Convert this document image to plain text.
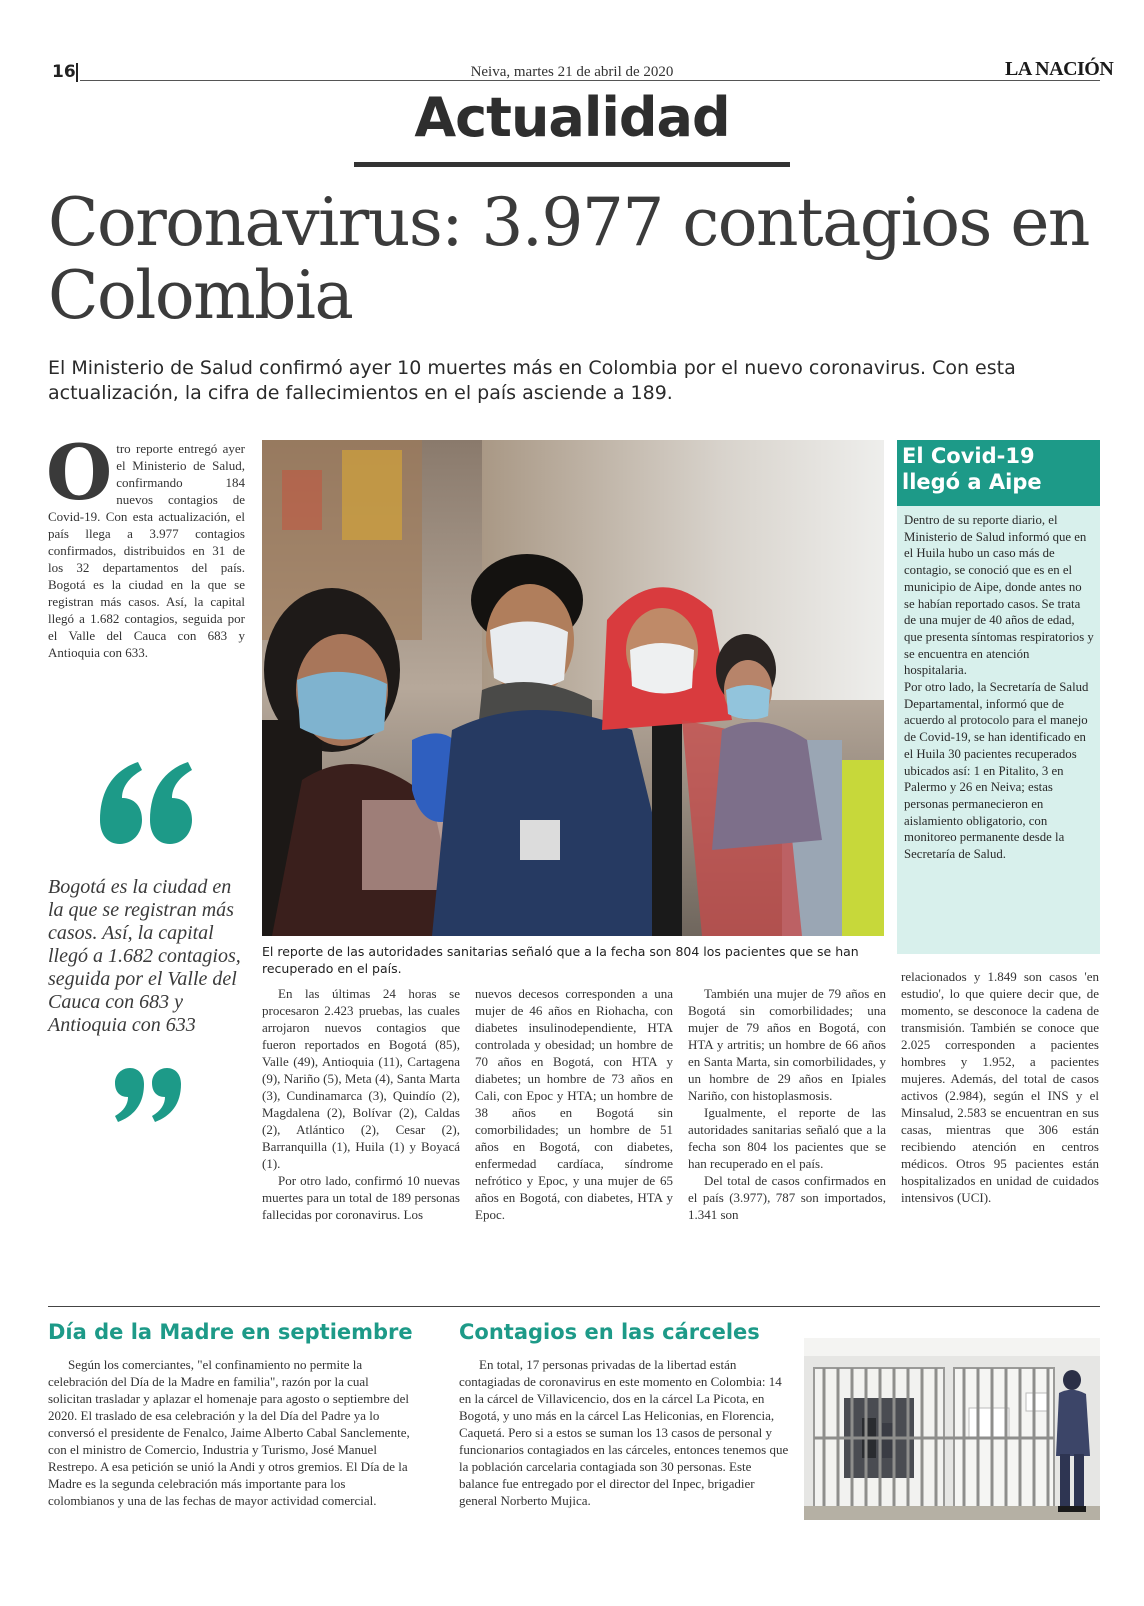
16	Neiva, martes 21 de abril de 2020	LA NACIÓN
Actualidad
Coronavirus: 3.977 contagios en Colombia

El Ministerio de Salud confirmó ayer 10 muertes más en Colombia por el nuevo coronavirus. Con esta actualización, la cifra de fallecimientos en el país asciende a 189.

Otro reporte entregó ayer el Ministerio de Salud, confirmando 184 nuevos contagios de Covid-19. Con esta actualización, el país llega a 3.977 contagios confirmados, distribuidos en 31 de los 32 departamentos del país. Bogotá es la ciudad en la que se registran más casos. Así, la capital llegó a 1.682 contagios, seguida por el Valle del Cauca con 683 y Antioquia con 633.
Bogotá es la ciudad en la que se registran más casos. Así, la capital llegó a 1.682 contagios, seguida por el Valle del Cauca con 683 y Antioquia con 633

El reporte de las autoridades sanitarias señaló que a la fecha son 804 los pacientes que se han recuperado en el país.

El Covid-19 llegó a Aipe

Dentro de su reporte diario, el Ministerio de Salud informó que en el Huila hubo un caso más de contagio, se conoció que es en el municipio de Aipe, donde antes no se habían reportado casos. Se trata de una mujer de 40 años de edad, que presenta síntomas respiratorios y se encuentra en atención hospitalaria.

Por otro lado, la Secretaría de Salud Departamental, informó que de acuerdo al protocolo para el manejo de Covid-19, se han identificado en el Huila 30 pacientes recuperados ubicados así: 1 en Pitalito, 3 en Palermo y 26 en Neiva; estas personas permanecieron en aislamiento obligatorio, con monitoreo permanente desde la Secretaría de Salud.

En las últimas 24 horas se procesaron 2.423 pruebas, las cuales arrojaron nuevos contagios que fueron reportados en Bogotá (85), Valle (49), Antioquia (11), Cartagena (9), Nariño (5), Meta (4), Santa Marta (3), Cundinamarca (3), Quindío (2), Magdalena (2), Bolívar (2), Caldas (2), Atlántico (2), Cesar (2), Barranquilla (1), Huila (1) y Boyacá (1).

Por otro lado, confirmó 10 nuevas muertes para un total de 189 personas fallecidas por coronavirus. Los

nuevos decesos corresponden a una mujer de 46 años en Riohacha, con diabetes insulinodependiente, HTA controlada y obesidad; un hombre de 70 años en Bogotá, con HTA y diabetes; un hombre de 73 años en Cali, con Epoc y HTA; un hombre de 38 años en Bogotá sin comorbilidades; un hombre de 51 años en Bogotá, con diabetes, enfermedad cardíaca, síndrome nefrótico y Epoc, y una mujer de 65 años en Bogotá, con diabetes, HTA y Epoc.

También una mujer de 79 años en Bogotá sin comorbilidades; una mujer de 79 años en Bogotá, con HTA y artritis; un hombre de 66 años en Santa Marta, sin comorbilidades, y un hombre de 29 años en Ipiales Nariño, con histoplasmosis.

Igualmente, el reporte de las autoridades sanitarias señaló que a la fecha son 804 los pacientes que se han recuperado en el país.

Del total de casos confirmados en el país (3.977), 787 son importados, 1.341 son

relacionados y 1.849 son casos 'en estudio', lo que quiere decir que, de momento, se desconoce la cadena de transmisión. También se conoce que 2.025 corresponden a pacientes hombres y 1.952, a pacientes mujeres. Además, del total de casos activos (2.984), según el INS y el Minsalud, 2.583 se encuentran en sus casas, mientras que 306 están recibiendo atención en centros médicos. Otros 95 pacientes están hospitalizados en unidad de cuidados intensivos (UCI).

Día de la Madre en septiembre

Según los comerciantes, "el confinamiento no permite la celebración del Día de la Madre en familia", razón por la cual solicitan trasladar y aplazar el homenaje para agosto o septiembre del 2020. El traslado de esa celebración y la del Día del Padre ya lo conversó el presidente de Fenalco, Jaime Alberto Cabal Sanclemente, con el ministro de Comercio, Industria y Turismo, José Manuel Restrepo. A esa petición se unió la Andi y otros gremios. El Día de la Madre es la segunda celebración más importante para los colombianos y una de las fechas de mayor actividad comercial.

Contagios en las cárceles

En total, 17 personas privadas de la libertad están contagiadas de coronavirus en este momento en Colombia: 14 en la cárcel de Villavicencio, dos en la cárcel La Picota, en Bogotá, y uno más en la cárcel Las Heliconias, en Florencia, Caquetá. Pero si a estos se suman los 13 casos de personal y funcionarios contagiados en las cárceles, entonces tenemos que la población carcelaria contagiada son 30 personas. Este balance fue entregado por el director del Inpec, brigadier general Norberto Mujica.
